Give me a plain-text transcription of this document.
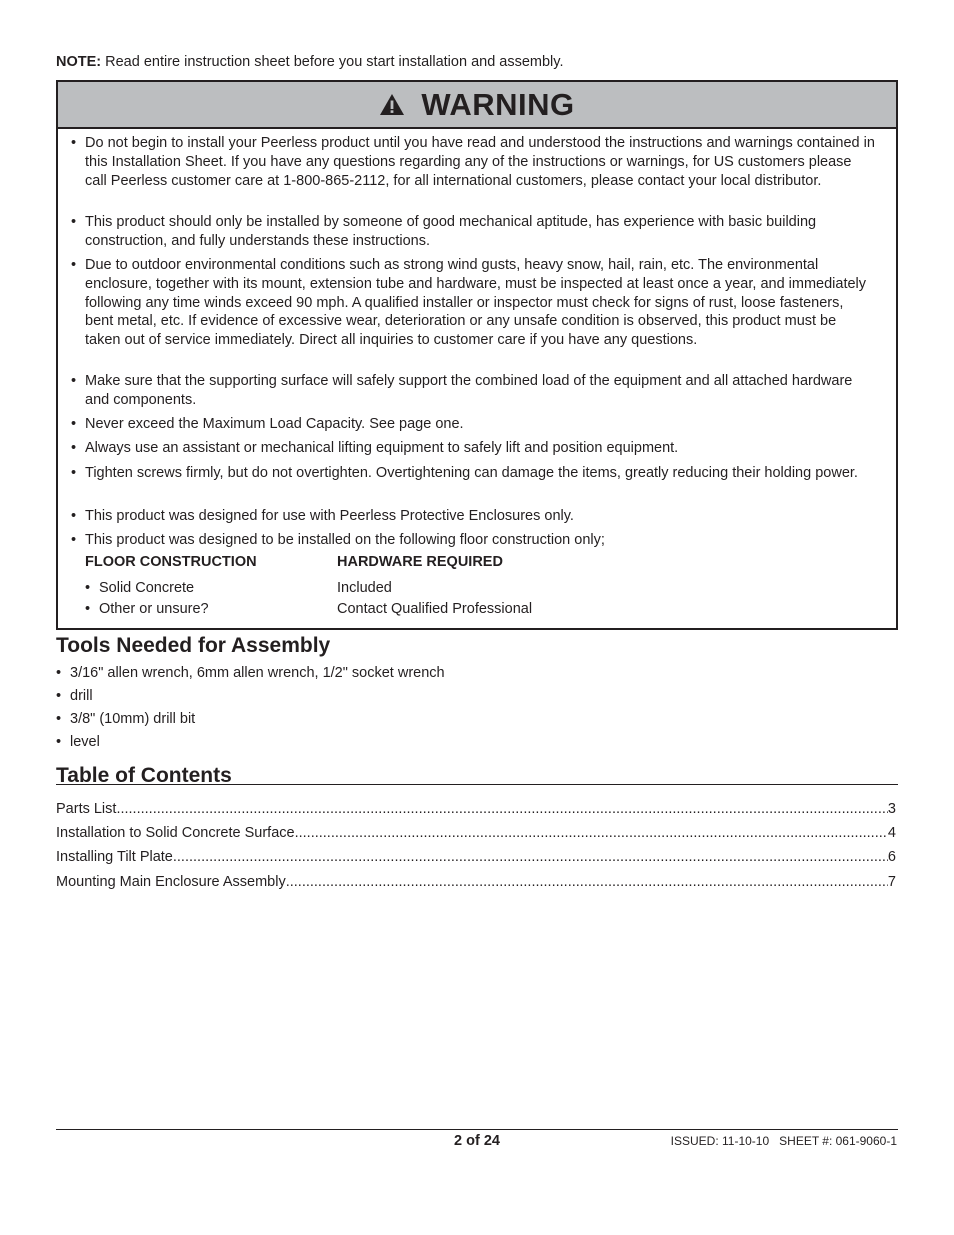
NOTE: Read entire instruction sheet before you start installation and assembly.
WARNING
• Do not begin to install your Peerless product until you have read and understood the instructions and warnings contained in this Installation Sheet. If you have any questions regarding any of the instructions or warnings, for US customers please call Peerless customer care at 1-800-865-2112, for all international customers, please contact your local distributor.
• This product should only be installed by someone of good mechanical aptitude, has experience with basic building construction, and fully understands these instructions.
• Due to outdoor environmental conditions such as strong wind gusts, heavy snow, hail, rain, etc. The environmental enclosure, together with its mount, extension tube and hardware, must be inspected at least once a year, and immediately following any time winds exceed 90 mph. A qualified installer or inspector must check for signs of rust, loose fasteners, bent metal, etc. If evidence of excessive wear, deterioration or any unsafe condition is observed, this product must be taken out of service immediately. Direct all inquiries to customer care if you have any questions.
• Make sure that the supporting surface will safely support the combined load of the equipment and all attached hardware and components.
• Never exceed the Maximum Load Capacity. See page one.
• Always use an assistant or mechanical lifting equipment to safely lift and position equipment.
• Tighten screws firmly, but do not overtighten. Overtightening can damage the items, greatly reducing their holding power.
• This product was designed for use with Peerless Protective Enclosures only.
• This product was designed to be installed on the following floor construction only;
FLOOR CONSTRUCTION	HARDWARE REQUIRED
• Solid Concrete	Included
• Other or unsure?	Contact Qualified Professional
Tools Needed for Assembly
• 3/16" allen wrench, 6mm allen wrench, 1/2" socket wrench
• drill
• 3/8" (10mm) drill bit
• level
Table of Contents
Parts List .....	3
Installation to Solid Concrete Surface .....	4
Installing Tilt Plate .....	6
Mounting Main Enclosure Assembly .....	7
2 of 24	ISSUED: 11-10-10   SHEET #: 061-9060-1
